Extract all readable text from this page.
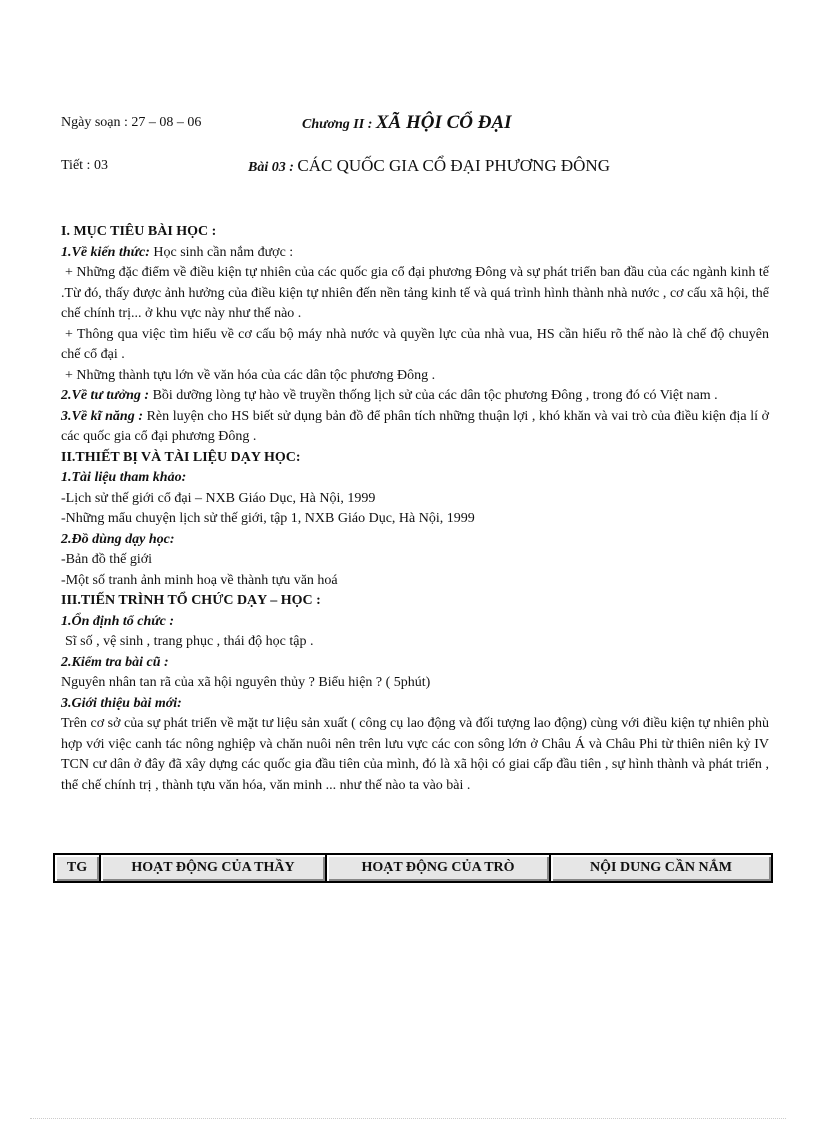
Ngày soạn : 27 – 08 – 06	Chương II : XÃ HỘI CỔ ĐẠI
Tiết : 03	Bài 03 : CÁC QUỐC GIA CỔ ĐẠI PHƯƠNG ĐÔNG

I. MỤC TIÊU BÀI HỌC :

1.Về kiến thức: Học sinh cần nắm được :

+ Những đặc điểm về điều kiện tự nhiên của các quốc gia cổ đại phương Đông và sự phát triển ban đầu của các ngành kinh tế .Từ đó, thấy được ảnh hưởng của điều kiện tự nhiên đến nền tảng kinh tế và quá trình hình thành nhà nước , cơ cấu xã hội, thể chế chính trị... ở khu vực này như thế nào .

+ Thông qua việc tìm hiểu về cơ cấu bộ máy nhà nước và quyền lực của nhà vua, HS cần hiểu rõ thế nào là chế độ chuyên chế cổ đại .

+ Những thành tựu lớn về văn hóa của các dân tộc phương Đông .

2.Về tư tưởng : Bồi dưỡng lòng tự hào về truyền thống lịch sử của các dân tộc phương Đông , trong đó có Việt nam .

3.Về kĩ năng : Rèn luyện cho HS biết sử dụng bản đồ để phân tích những thuận lợi , khó khăn và vai trò của điều kiện địa lí ở các quốc gia cổ đại phương Đông .

II.THIẾT BỊ VÀ TÀI LIỆU DẠY HỌC:

1.Tài liệu tham khảo:

-Lịch sử thế giới cổ đại – NXB Giáo Dục, Hà Nội, 1999

-Những mẩu chuyện lịch sử thế giới, tập 1, NXB Giáo Dục, Hà Nội, 1999

2.Đồ dùng dạy học:

-Bản đồ thế giới

-Một số tranh ảnh minh hoạ về thành tựu văn hoá

III.TIẾN TRÌNH TỔ CHỨC DẠY – HỌC :

1.Ổn định tổ chức :

Sĩ số , vệ sinh , trang phục , thái độ học tập .

2.Kiểm tra bài cũ :

Nguyên nhân tan rã của xã hội nguyên thủy ? Biểu hiện ? ( 5phút)

3.Giới thiệu bài mới:

Trên cơ sở của sự phát triển về mặt tư liệu sản xuất ( công cụ lao động và đối tượng lao động) cùng với điều kiện tự nhiên phù hợp với việc canh tác nông nghiệp và chăn nuôi nên trên lưu vực các con sông lớn ở Châu Á và Châu Phi từ thiên niên kỷ IV TCN cư dân ở đây đã xây dựng các quốc gia đầu tiên của mình, đó là xã hội có giai cấp đầu tiên , sự hình thành và phát triển , thể chế chính trị , thành tựu văn hóa, văn minh ... như thế nào ta vào bài .

TG	HOẠT ĐỘNG CỦA THẦY	HOẠT ĐỘNG CỦA TRÒ	NỘI DUNG CẦN NẮM
